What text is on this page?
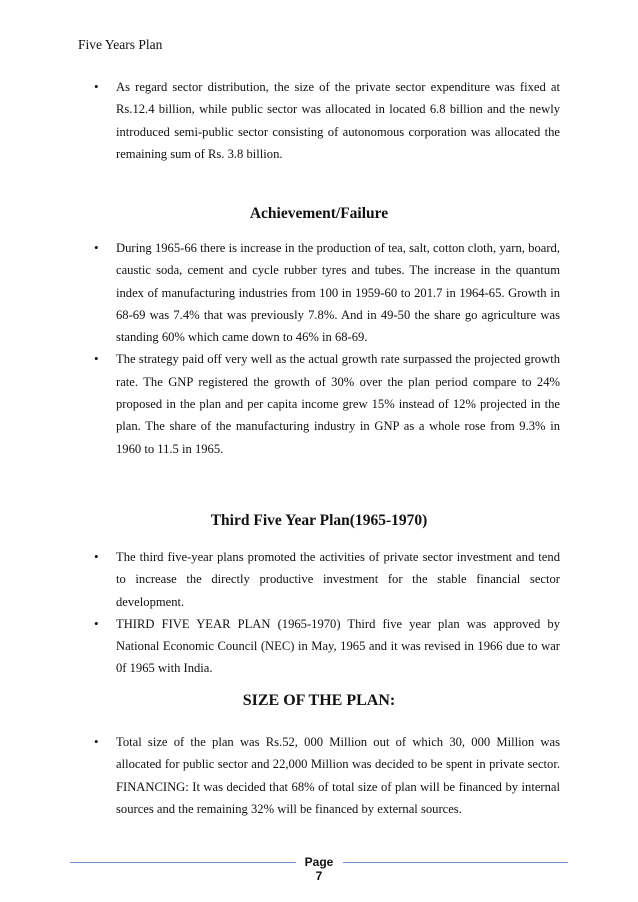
Five Years Plan
• As regard sector distribution, the size of the private sector expenditure was fixed at Rs.12.4 billion, while public sector was allocated in located 6.8 billion and the newly introduced semi-public sector consisting of autonomous corporation was allocated the remaining sum of Rs. 3.8 billion.
Achievement/Failure
• During 1965-66 there is increase in the production of tea, salt, cotton cloth, yarn, board, caustic soda, cement and cycle rubber tyres and tubes. The increase in the quantum index of manufacturing industries from 100 in 1959-60 to 201.7 in 1964-65. Growth in 68-69 was 7.4% that was previously 7.8%. And in 49-50 the share go agriculture was standing 60% which came down to 46% in 68-69.
• The strategy paid off very well as the actual growth rate surpassed the projected growth rate. The GNP registered the growth of 30% over the plan period compare to 24% proposed in the plan and per capita income grew 15% instead of 12% projected in the plan. The share of the manufacturing industry in GNP as a whole rose from 9.3% in 1960 to 11.5 in 1965.
Third Five Year Plan(1965-1970)
• The third five-year plans promoted the activities of private sector investment and tend to increase the directly productive investment for the stable financial sector development.
• THIRD FIVE YEAR PLAN (1965-1970) Third five year plan was approved by National Economic Council (NEC) in May, 1965 and it was revised in 1966 due to war 0f 1965 with India.
SIZE OF THE PLAN:
• Total size of the plan was Rs.52, 000 Million out of which 30, 000 Million was allocated for public sector and 22,000 Million was decided to be spent in private sector. FINANCING: It was decided that 68% of total size of plan will be financed by internal sources and the remaining 32% will be financed by external sources.
Page 7
